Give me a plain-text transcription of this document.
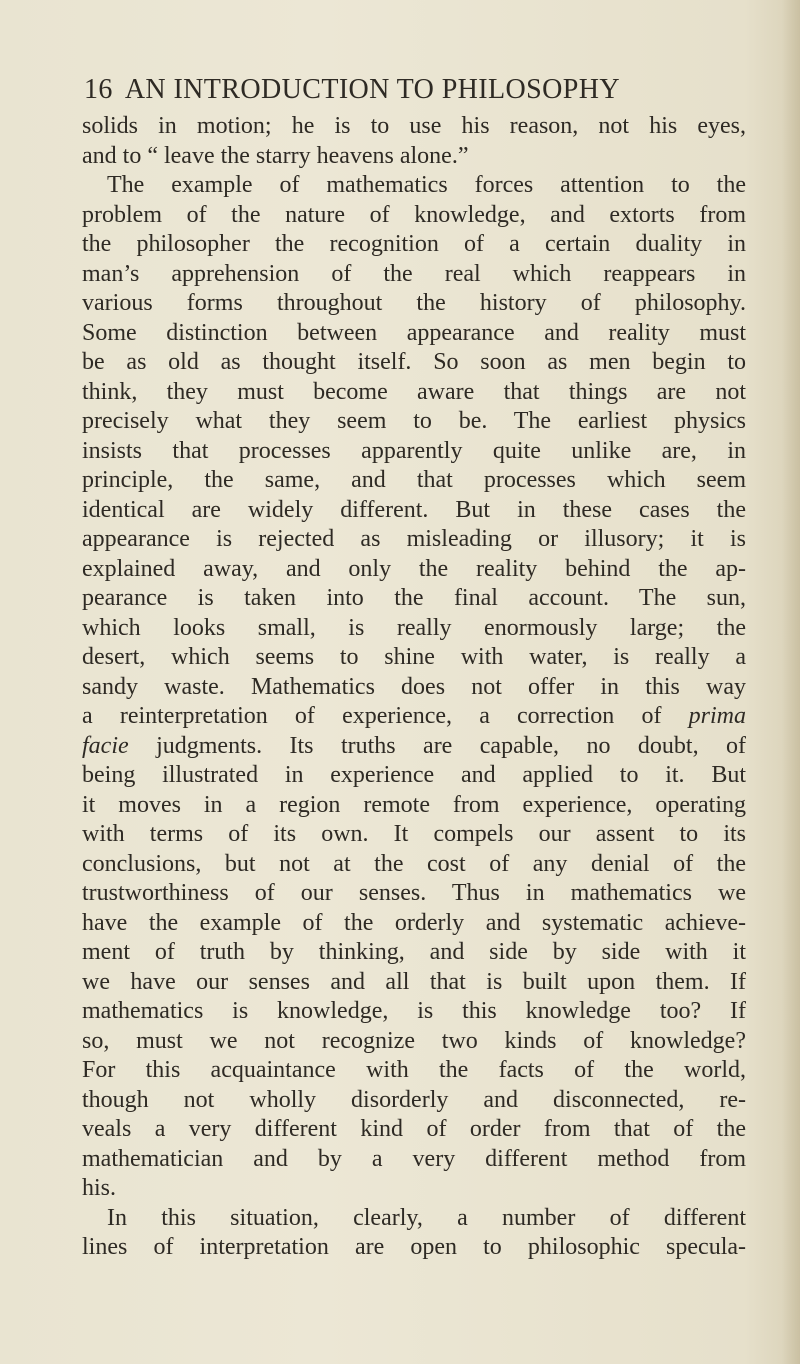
16 AN INTRODUCTION TO PHILOSOPHY
solids in motion; he is to use his reason, not his eyes,
and to “ leave the starry heavens alone.”
The example of mathematics forces attention to the
problem of the nature of knowledge, and extorts from
the philosopher the recognition of a certain duality in
man’s apprehension of the real which reappears in
various forms throughout the history of philosophy.
Some distinction between appearance and reality must
be as old as thought itself. So soon as men begin to
think, they must become aware that things are not
precisely what they seem to be. The earliest physics
insists that processes apparently quite unlike are, in
principle, the same, and that processes which seem
identical are widely different. But in these cases the
appearance is rejected as misleading or illusory; it is
explained away, and only the reality behind the ap-
pearance is taken into the final account. The sun,
which looks small, is really enormously large; the
desert, which seems to shine with water, is really a
sandy waste. Mathematics does not offer in this way
a reinterpretation of experience, a correction of prima
facie judgments. Its truths are capable, no doubt, of
being illustrated in experience and applied to it. But
it moves in a region remote from experience, operating
with terms of its own. It compels our assent to its
conclusions, but not at the cost of any denial of the
trustworthiness of our senses. Thus in mathematics we
have the example of the orderly and systematic achieve-
ment of truth by thinking, and side by side with it
we have our senses and all that is built upon them. If
mathematics is knowledge, is this knowledge too? If
so, must we not recognize two kinds of knowledge?
For this acquaintance with the facts of the world,
though not wholly disorderly and disconnected, re-
veals a very different kind of order from that of the
mathematician and by a very different method from
his.
In this situation, clearly, a number of different
lines of interpretation are open to philosophic specula-
